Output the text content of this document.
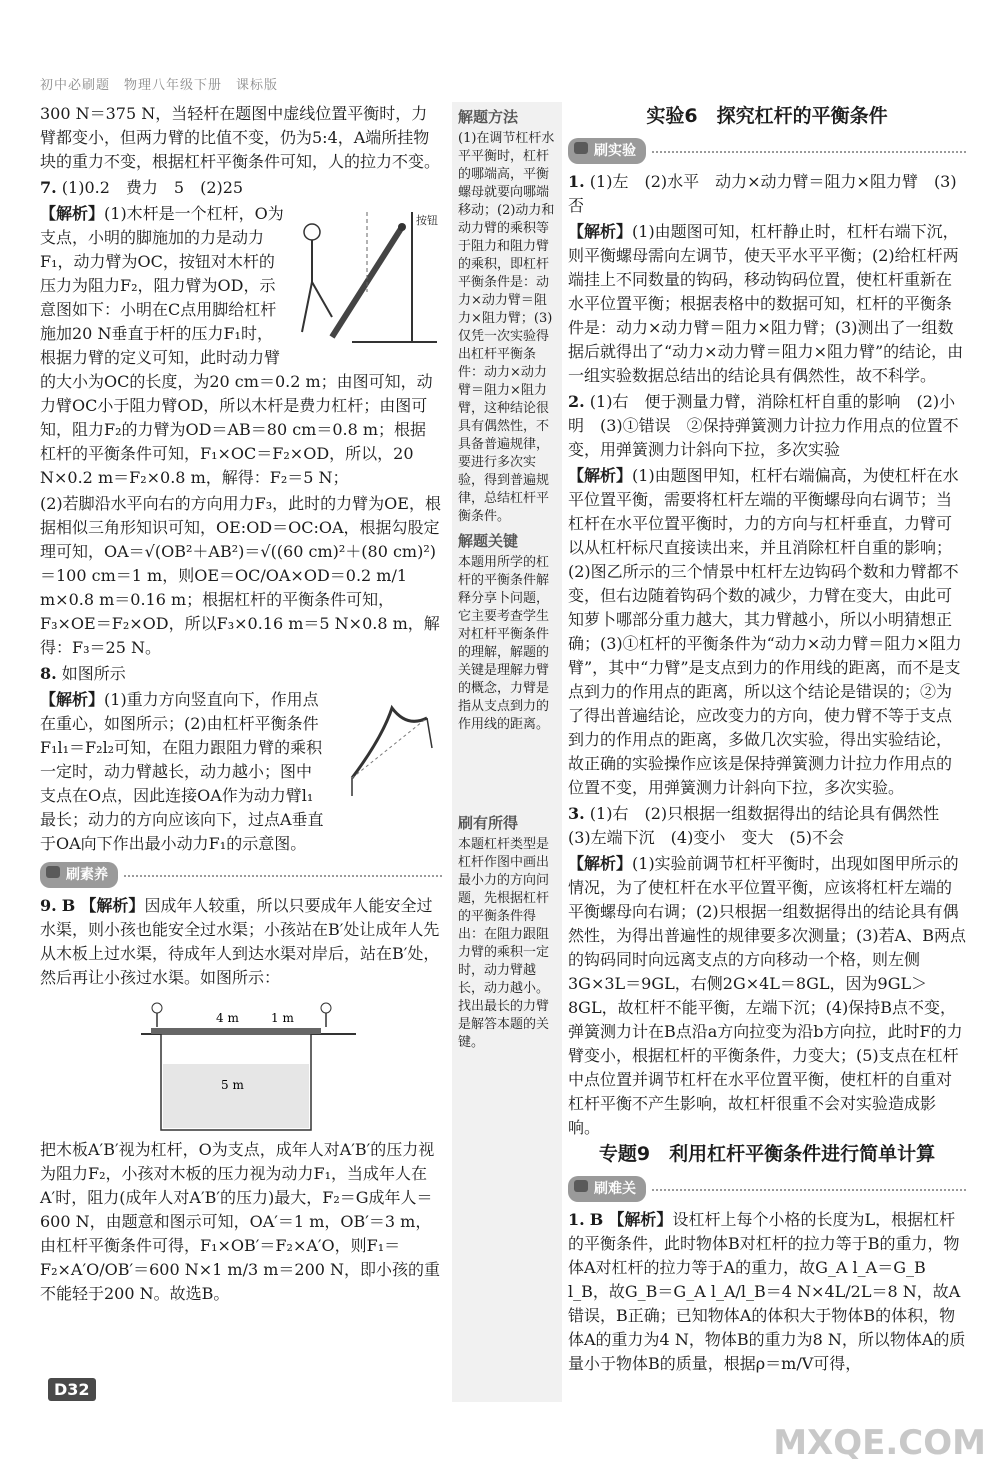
初中必刷题　物理八年级下册　课标版

300 N＝375 N，当轻杆在题图中虚线位置平衡时，力臂都变小，但两力臂的比值不变，仍为5:4，A端所挂物块的重力不变，根据杠杆平衡条件可知，人的拉力不变。

7. (1)0.2　费力　5　(2)25

按钮

【解析】(1)木杆是一个杠杆，O为支点，小明的脚施加的力是动力F₁，动力臂为OC，按钮对木杆的压力为阻力F₂，阻力臂为OD，示意图如下：小明在C点用脚给杠杆施加20 N垂直于杆的压力F₁时，根据力臂的定义可知，此时动力臂的大小为OC的长度，为20 cm＝0.2 m；由图可知，动力臂OC小于阻力臂OD，所以木杆是费力杠杆；由图可知，阻力F₂的力臂为OD＝AB＝80 cm＝0.8 m；根据杠杆的平衡条件可知，F₁×OC＝F₂×OD，所以，20 N×0.2 m＝F₂×0.8 m，解得：F₂＝5 N；

(2)若脚沿水平向右的方向用力F₃，此时的力臂为OE，根据相似三角形知识可知，OE:OD＝OC:OA，根据勾股定理可知，OA＝√(OB²＋AB²)＝√((60 cm)²＋(80 cm)²)＝100 cm＝1 m，则OE＝OC/OA×OD＝0.2 m/1 m×0.8 m＝0.16 m；根据杠杆的平衡条件可知，F₃×OE＝F₂×OD，所以F₃×0.16 m＝5 N×0.8 m，解得：F₃＝25 N。

8. 如图所示

【解析】(1)重力方向竖直向下，作用点在重心，如图所示；(2)由杠杆平衡条件F₁l₁＝F₂l₂可知，在阻力跟阻力臂的乘积一定时，动力臂越长，动力越小；图中支点在O点，因此连接OA作为动力臂l₁最长；动力的方向应该向下，过点A垂直于OA向下作出最小动力F₁的示意图。

刷素养

9. B 【解析】因成年人较重，所以只要成年人能安全过水渠，则小孩也能安全过水渠；小孩站在B′处让成年人先从木板上过水渠，待成年人到达水渠对岸后，站在B′处，然后再让小孩过水渠。如图所示：

4 m	1 m
5 m

把木板A′B′视为杠杆，O为支点，成年人对A′B′的压力视为阻力F₂，小孩对木板的压力视为动力F₁，当成年人在A′时，阻力(成年人对A′B′的压力)最大，F₂＝G成年人＝600 N，由题意和图示可知，OA′＝1 m，OB′＝3 m，由杠杆平衡条件可得，F₁×OB′＝F₂×A′O，则F₁＝F₂×A′O/OB′＝600 N×1 m/3 m＝200 N，即小孩的重不能轻于200 N。故选B。

解题方法

(1)在调节杠杆水平平衡时，杠杆的哪端高，平衡螺母就要向哪端移动；(2)动力和动力臂的乘积等于阻力和阻力臂的乘积，即杠杆平衡条件是：动力×动力臂＝阻力×阻力臂；(3)仅凭一次实验得出杠杆平衡条件：动力×动力臂＝阻力×阻力臂，这种结论很具有偶然性，不具备普遍规律，要进行多次实验，得到普遍规律，总结杠杆平衡条件。

解题关键

本题用所学的杠杆的平衡条件解释分享卜问题，它主要考查学生对杠杆平衡条件的理解，解题的关键是理解力臂的概念，力臂是指从支点到力的作用线的距离。

刷有所得

本题杠杆类型是杠杆作图中画出最小力的方向问题，先根据杠杆的平衡条件得出：在阻力跟阻力臂的乘积一定时，动力臂越长，动力越小。找出最长的力臂是解答本题的关键。

实验6　探究杠杆的平衡条件
刷实验

1. (1)左　(2)水平　动力×动力臂＝阻力×阻力臂　(3)否

【解析】(1)由题图可知，杠杆静止时，杠杆右端下沉，则平衡螺母需向左调节，使天平水平平衡；(2)给杠杆两端挂上不同数量的钩码，移动钩码位置，使杠杆重新在水平位置平衡；根据表格中的数据可知，杠杆的平衡条件是：动力×动力臂＝阻力×阻力臂；(3)测出了一组数据后就得出了“动力×动力臂＝阻力×阻力臂”的结论，由一组实验数据总结出的结论具有偶然性，故不科学。

2. (1)右　便于测量力臂，消除杠杆自重的影响　(2)小明　(3)①错误　②保持弹簧测力计拉力作用点的位置不变，用弹簧测力计斜向下拉，多次实验

【解析】(1)由题图甲知，杠杆右端偏高，为使杠杆在水平位置平衡，需要将杠杆左端的平衡螺母向右调节；当杠杆在水平位置平衡时，力的方向与杠杆垂直，力臂可以从杠杆标尺直接读出来，并且消除杠杆自重的影响；(2)图乙所示的三个情景中杠杆左边钩码个数和力臂都不变，但右边随着钩码个数的减少，力臂在变大，由此可知萝卜哪部分重力越大，其力臂越小，所以小明猜想正确；(3)①杠杆的平衡条件为“动力×动力臂＝阻力×阻力臂”，其中“力臂”是支点到力的作用线的距离，而不是支点到力的作用点的距离，所以这个结论是错误的；②为了得出普遍结论，应改变力的方向，使力臂不等于支点到力的作用点的距离，多做几次实验，得出实验结论，故正确的实验操作应该是保持弹簧测力计拉力作用点的位置不变，用弹簧测力计斜向下拉，多次实验。

3. (1)右　(2)只根据一组数据得出的结论具有偶然性　(3)左端下沉　(4)变小　变大　(5)不会

【解析】(1)实验前调节杠杆平衡时，出现如图甲所示的情况，为了使杠杆在水平位置平衡，应该将杠杆左端的平衡螺母向右调；(2)只根据一组数据得出的结论具有偶然性，为得出普遍性的规律要多次测量；(3)若A、B两点的钩码同时向远离支点的方向移动一个格，则左侧3G×3L＝9GL，右侧2G×4L＝8GL，因为9GL＞8GL，故杠杆不能平衡，左端下沉；(4)保持B点不变，弹簧测力计在B点沿a方向拉变为沿b方向拉，此时F的力臂变小，根据杠杆的平衡条件，力变大；(5)支点在杠杆中点位置并调节杠杆在水平位置平衡，使杠杆的自重对杠杆平衡不产生影响，故杠杆很重不会对实验造成影响。

专题9　利用杠杆平衡条件进行简单计算
刷难关

1. B 【解析】设杠杆上每个小格的长度为L，根据杠杆的平衡条件，此时物体B对杠杆的拉力等于B的重力，物体A对杠杆的拉力等于A的重力，故G_A l_A＝G_B l_B，故G_B＝G_A l_A/l_B＝4 N×4L/2L＝8 N，故A错误，B正确；已知物体A的体积大于物体B的体积，物体A的重力为4 N，物体B的重力为8 N，所以物体A的质量小于物体B的质量，根据ρ＝m/V可得，

D32
MXQE.COM
